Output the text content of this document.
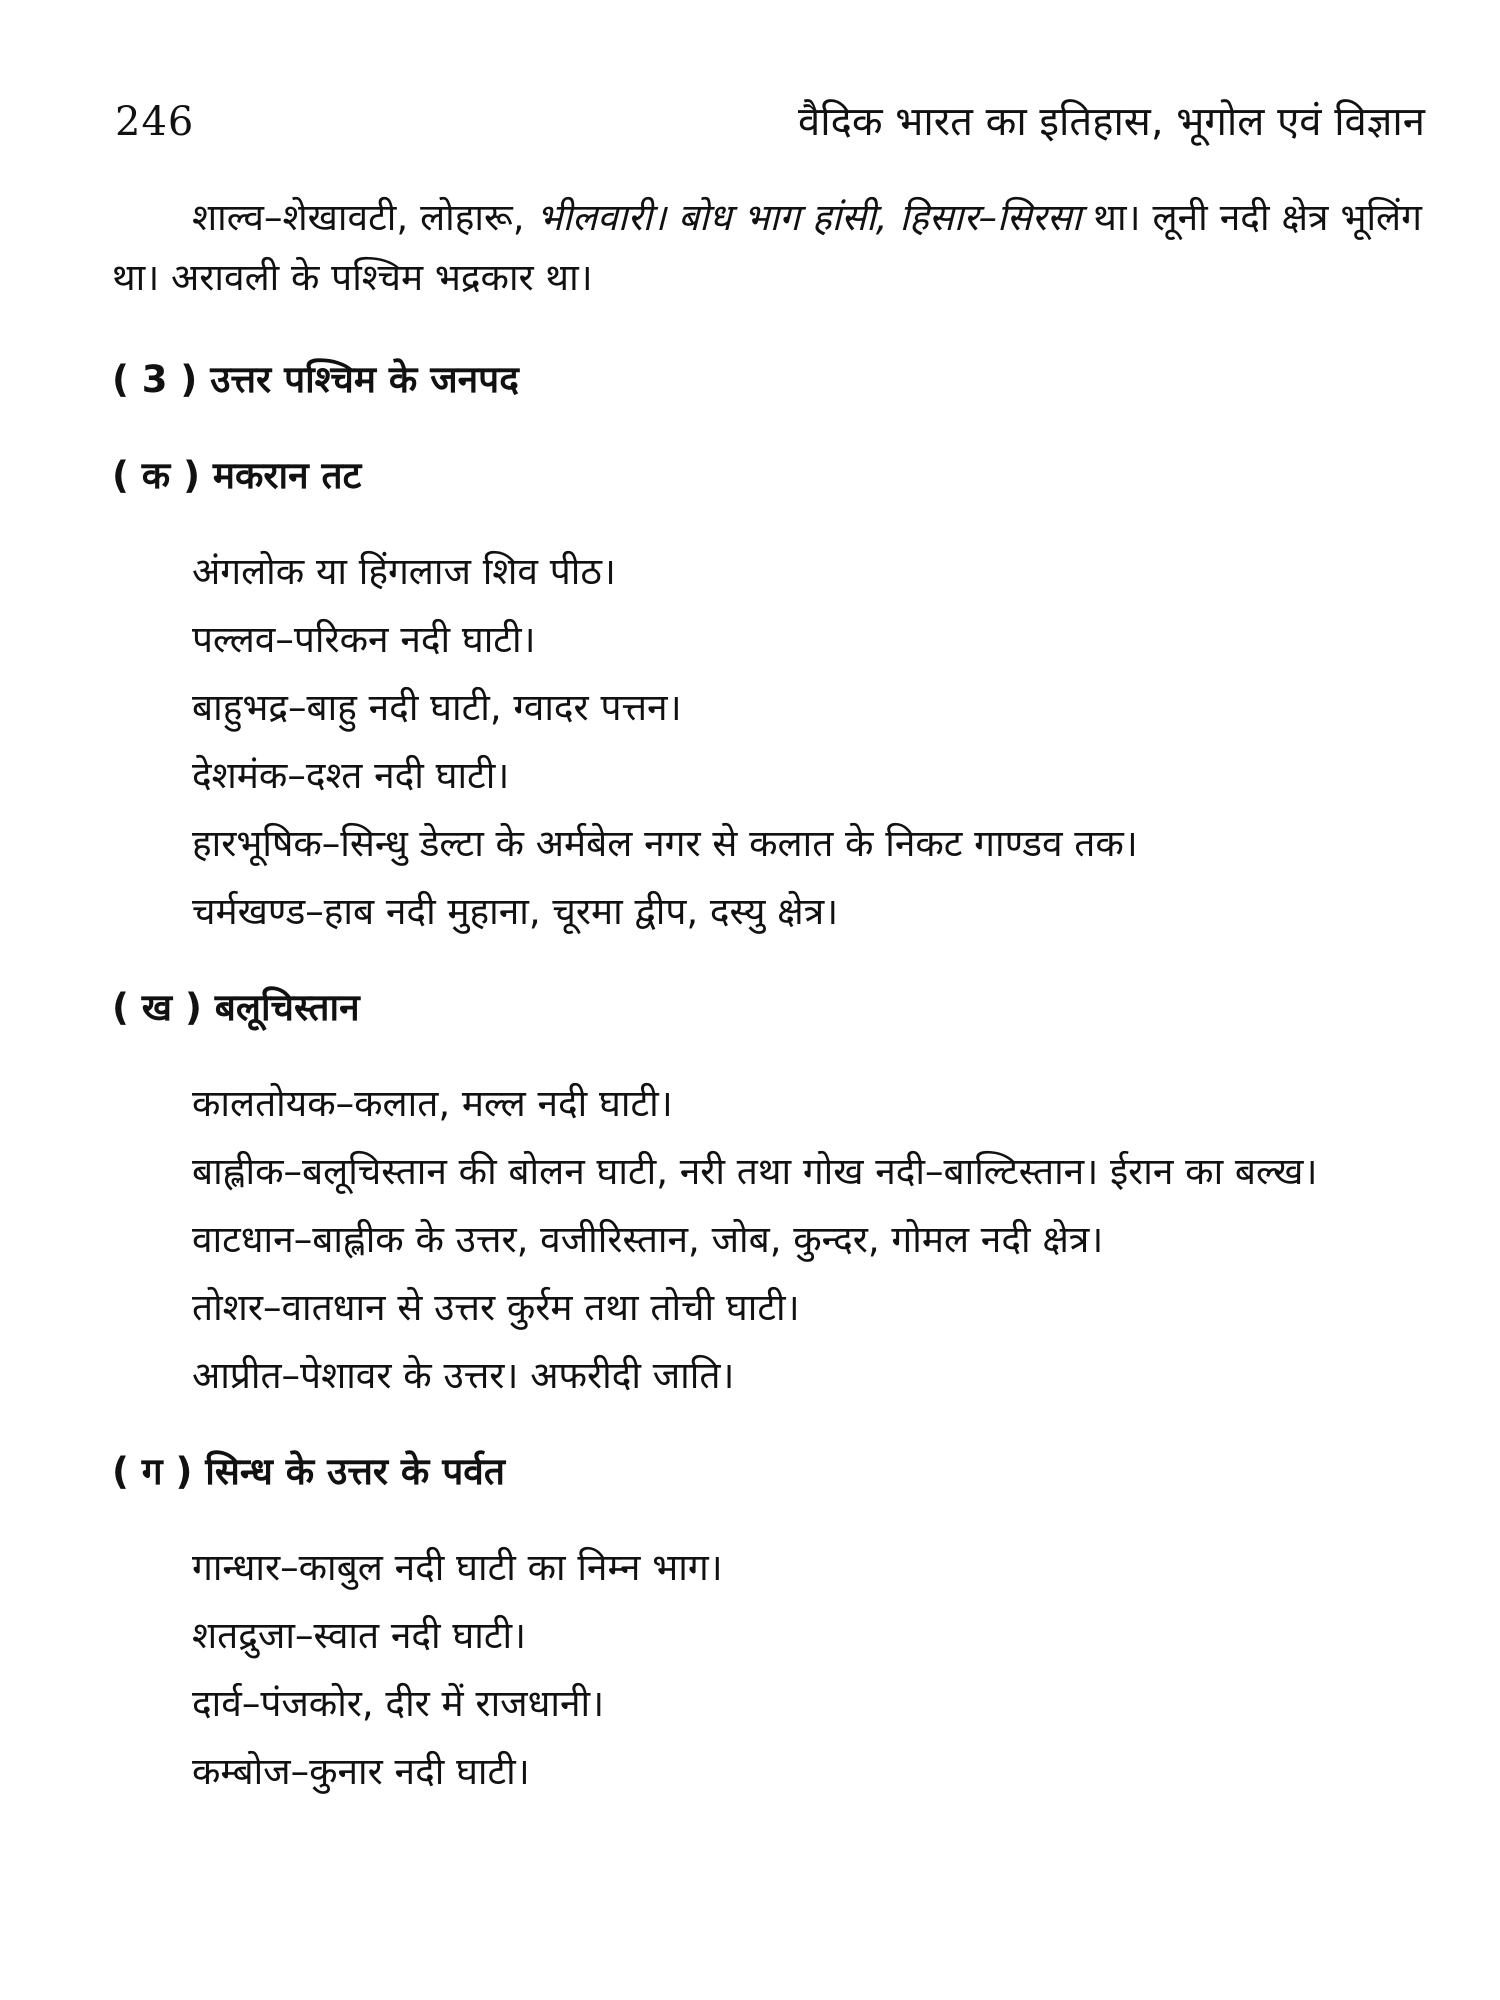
246	वैदिक भारत का इतिहास, भूगोल एवं विज्ञान

शाल्व–शेखावटी, लोहारू, भीलवारी। बोध भाग हांसी, हिसार–सिरसा था। लूनी नदी क्षेत्र भूलिंग था। अरावली के पश्चिम भद्रकार था।

( 3 ) उत्तर पश्चिम के जनपद

( क ) मकरान तट

अंगलोक या हिंगलाज शिव पीठ।

पल्लव–परिकन नदी घाटी।

बाहुभद्र–बाहु नदी घाटी, ग्वादर पत्तन।

देशमंक–दश्त नदी घाटी।

हारभूषिक–सिन्धु डेल्टा के अर्मबेल नगर से कलात के निकट गाण्डव तक।

चर्मखण्ड–हाब नदी मुहाना, चूरमा द्वीप, दस्यु क्षेत्र।

( ख ) बलूचिस्तान

कालतोयक–कलात, मल्ल नदी घाटी।

बाह्लीक–बलूचिस्तान की बोलन घाटी, नरी तथा गोख नदी–बाल्टिस्तान। ईरान का बल्ख।

वाटधान–बाह्लीक के उत्तर, वजीरिस्तान, जोब, कुन्दर, गोमल नदी क्षेत्र।

तोशर–वातधान से उत्तर कुर्रम तथा तोची घाटी।

आप्रीत–पेशावर के उत्तर। अफरीदी जाति।

( ग ) सिन्ध के उत्तर के पर्वत

गान्धार–काबुल नदी घाटी का निम्न भाग।

शतद्रुजा–स्वात नदी घाटी।

दार्व–पंजकोर, दीर में राजधानी।

कम्बोज–कुनार नदी घाटी।
